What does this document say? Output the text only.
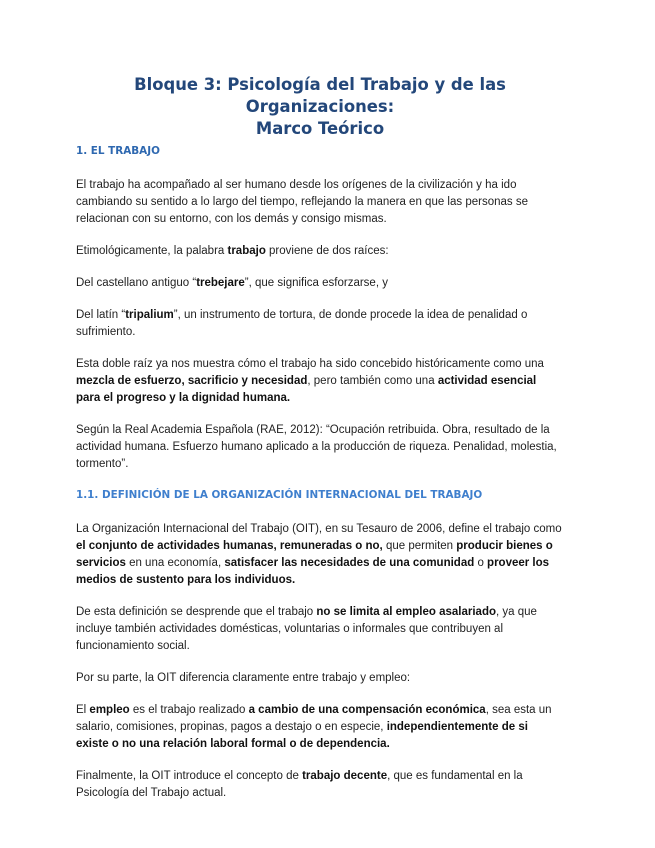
Bloque 3: Psicología del Trabajo y de las Organizaciones:
Marco Teórico
1. EL TRABAJO

El trabajo ha acompañado al ser humano desde los orígenes de la civilización y ha ido cambiando su sentido a lo largo del tiempo, reflejando la manera en que las personas se relacionan con su entorno, con los demás y consigo mismas.

Etimológicamente, la palabra trabajo proviene de dos raíces:

Del castellano antiguo “trebejare”, que significa esforzarse, y

Del latín “tripalium”, un instrumento de tortura, de donde procede la idea de penalidad o sufrimiento.

Esta doble raíz ya nos muestra cómo el trabajo ha sido concebido históricamente como una mezcla de esfuerzo, sacrificio y necesidad, pero también como una actividad esencial para el progreso y la dignidad humana.

Según la Real Academia Española (RAE, 2012): “Ocupación retribuida. Obra, resultado de la actividad humana. Esfuerzo humano aplicado a la producción de riqueza. Penalidad, molestia, tormento”.

1.1. DEFINICIÓN DE LA ORGANIZACIÓN INTERNACIONAL DEL TRABAJO

La Organización Internacional del Trabajo (OIT), en su Tesauro de 2006, define el trabajo como el conjunto de actividades humanas, remuneradas o no, que permiten producir bienes o servicios en una economía, satisfacer las necesidades de una comunidad o proveer los medios de sustento para los individuos.

De esta definición se desprende que el trabajo no se limita al empleo asalariado, ya que incluye también actividades domésticas, voluntarias o informales que contribuyen al funcionamiento social.

Por su parte, la OIT diferencia claramente entre trabajo y empleo:

El empleo es el trabajo realizado a cambio de una compensación económica, sea esta un salario, comisiones, propinas, pagos a destajo o en especie, independientemente de si existe o no una relación laboral formal o de dependencia.

Finalmente, la OIT introduce el concepto de trabajo decente, que es fundamental en la Psicología del Trabajo actual.
